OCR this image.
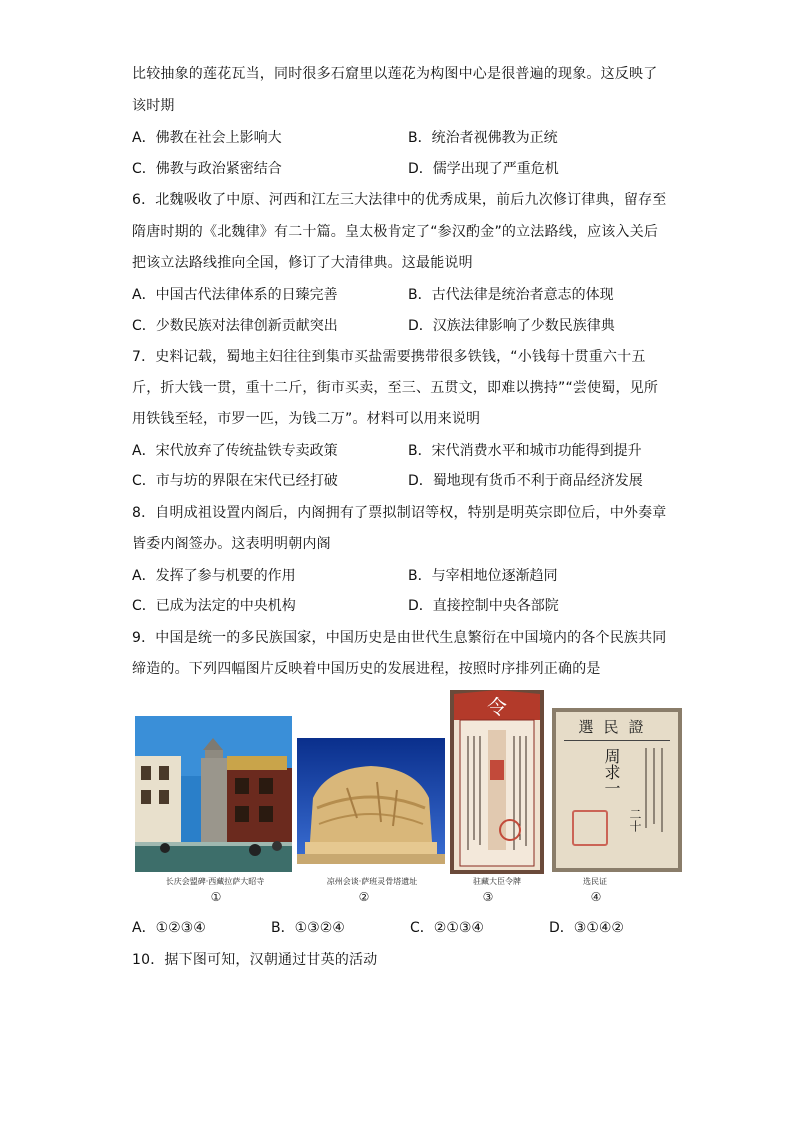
比较抽象的莲花瓦当，同时很多石窟里以莲花为构图中心是很普遍的现象。这反映了
该时期
A．佛教在社会上影响大	B．统治者视佛教为正统
C．佛教与政治紧密结合	D．儒学出现了严重危机
6．北魏吸收了中原、河西和江左三大法律中的优秀成果，前后九次修订律典，留存至
隋唐时期的《北魏律》有二十篇。皇太极肯定了“参汉酌金”的立法路线，应该入关后
把该立法路线推向全国，修订了大清律典。这最能说明
A．中国古代法律体系的日臻完善	B．古代法律是统治者意志的体现
C．少数民族对法律创新贡献突出	D．汉族法律影响了少数民族律典
7．史料记载，蜀地主妇往往到集市买盐需要携带很多铁钱，“小钱每十贯重六十五
斤，折大钱一贯，重十二斤，街市买卖，至三、五贯文，即难以携持”“尝使蜀，见所
用铁钱至轻，市罗一匹，为钱二万”。材料可以用来说明
A．宋代放弃了传统盐铁专卖政策	B．宋代消费水平和城市功能得到提升
C．市与坊的界限在宋代已经打破	D．蜀地现有货币不利于商品经济发展
8．自明成祖设置内阁后，内阁拥有了票拟制诏等权，特别是明英宗即位后，中外奏章
皆委内阁签办。这表明明朝内阁
A．发挥了参与机要的作用	B．与宰相地位逐渐趋同
C．已成为法定的中央机构	D．直接控制中央各部院
9．中国是统一的多民族国家，中国历史是由世代生息繁衍在中国境内的各个民族共同
缔造的。下列四幅图片反映着中国历史的发展进程，按照时序排列正确的是
长庆会盟碑·西藏拉萨大昭寺
①
凉州会谈·萨班灵骨塔遗址
②
令
驻藏大臣令牌
③
選民證
周求一
二十
选民证
④
A．①②③④	B．①③②④	C．②①③④	D．③①④②
10．据下图可知，汉朝通过甘英的活动
